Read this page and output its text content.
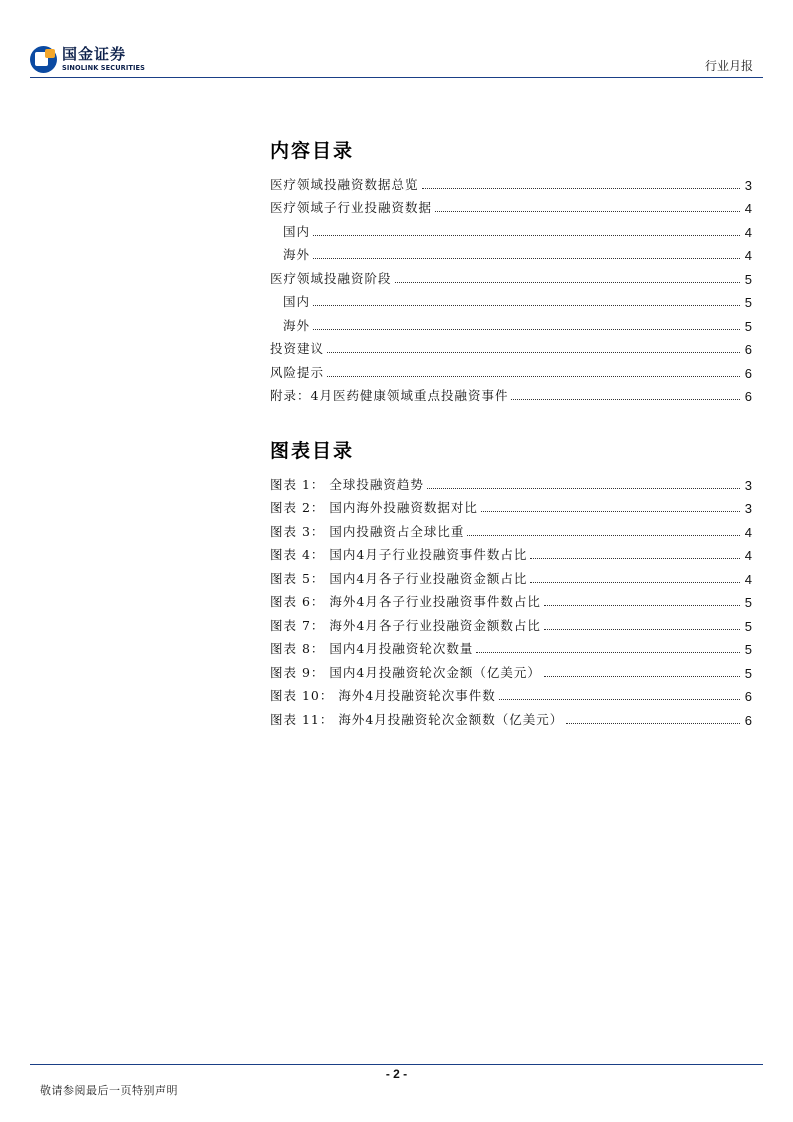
国金证券
SINOLINK SECURITIES	行业月报
内容目录
医疗领域投融资数据总览	3
医疗领域子行业投融资数据	4
国内	4
海外	4
医疗领域投融资阶段	5
国内	5
海外	5
投资建议	6
风险提示	6
附录：4月医药健康领域重点投融资事件	6
图表目录
图表 1： 全球投融资趋势	3
图表 2： 国内海外投融资数据对比	3
图表 3： 国内投融资占全球比重	4
图表 4： 国内4月子行业投融资事件数占比	4
图表 5： 国内4月各子行业投融资金额占比	4
图表 6： 海外4月各子行业投融资事件数占比	5
图表 7： 海外4月各子行业投融资金额数占比	5
图表 8： 国内4月投融资轮次数量	5
图表 9： 国内4月投融资轮次金额（亿美元）	5
图表 10： 海外4月投融资轮次事件数	6
图表 11： 海外4月投融资轮次金额数（亿美元）	6
- 2 -
敬请参阅最后一页特别声明
